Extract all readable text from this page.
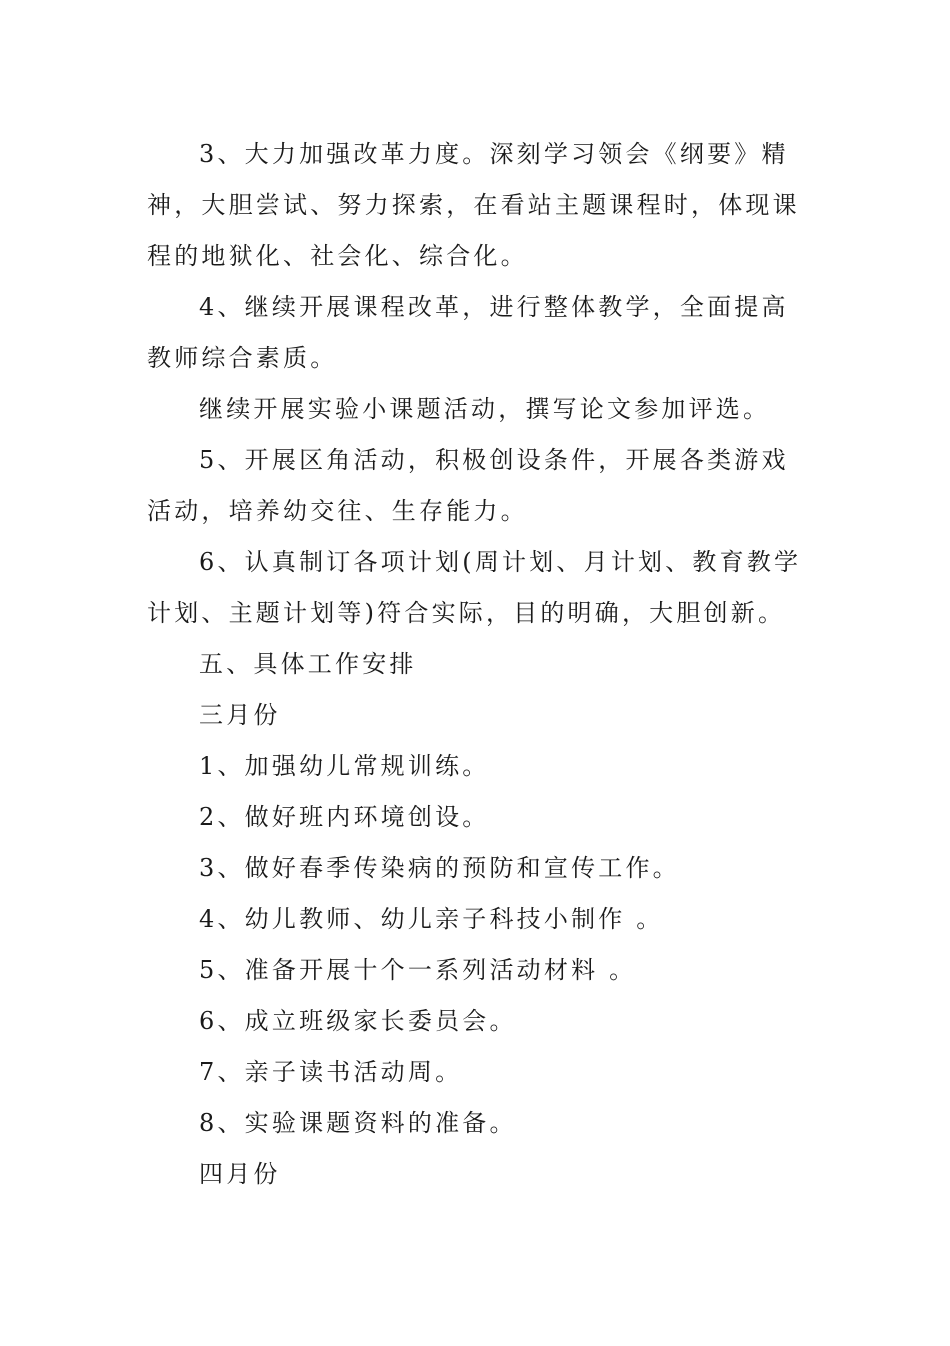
3、大力加强改革力度。深刻学习领会《纲要》精神，大胆尝试、努力探索，在看站主题课程时，体现课程的地狱化、社会化、综合化。

4、继续开展课程改革，进行整体教学，全面提高教师综合素质。

继续开展实验小课题活动，撰写论文参加评选。

5、开展区角活动，积极创设条件，开展各类游戏活动，培养幼交往、生存能力。

6、认真制订各项计划(周计划、月计划、教育教学计划、主题计划等)符合实际，目的明确，大胆创新。

五、具体工作安排

三月份

1、加强幼儿常规训练。

2、做好班内环境创设。

3、做好春季传染病的预防和宣传工作。

4、幼儿教师、幼儿亲子科技小制作 。

5、准备开展十个一系列活动材料 。

6、成立班级家长委员会。

7、亲子读书活动周。

8、实验课题资料的准备。

四月份
